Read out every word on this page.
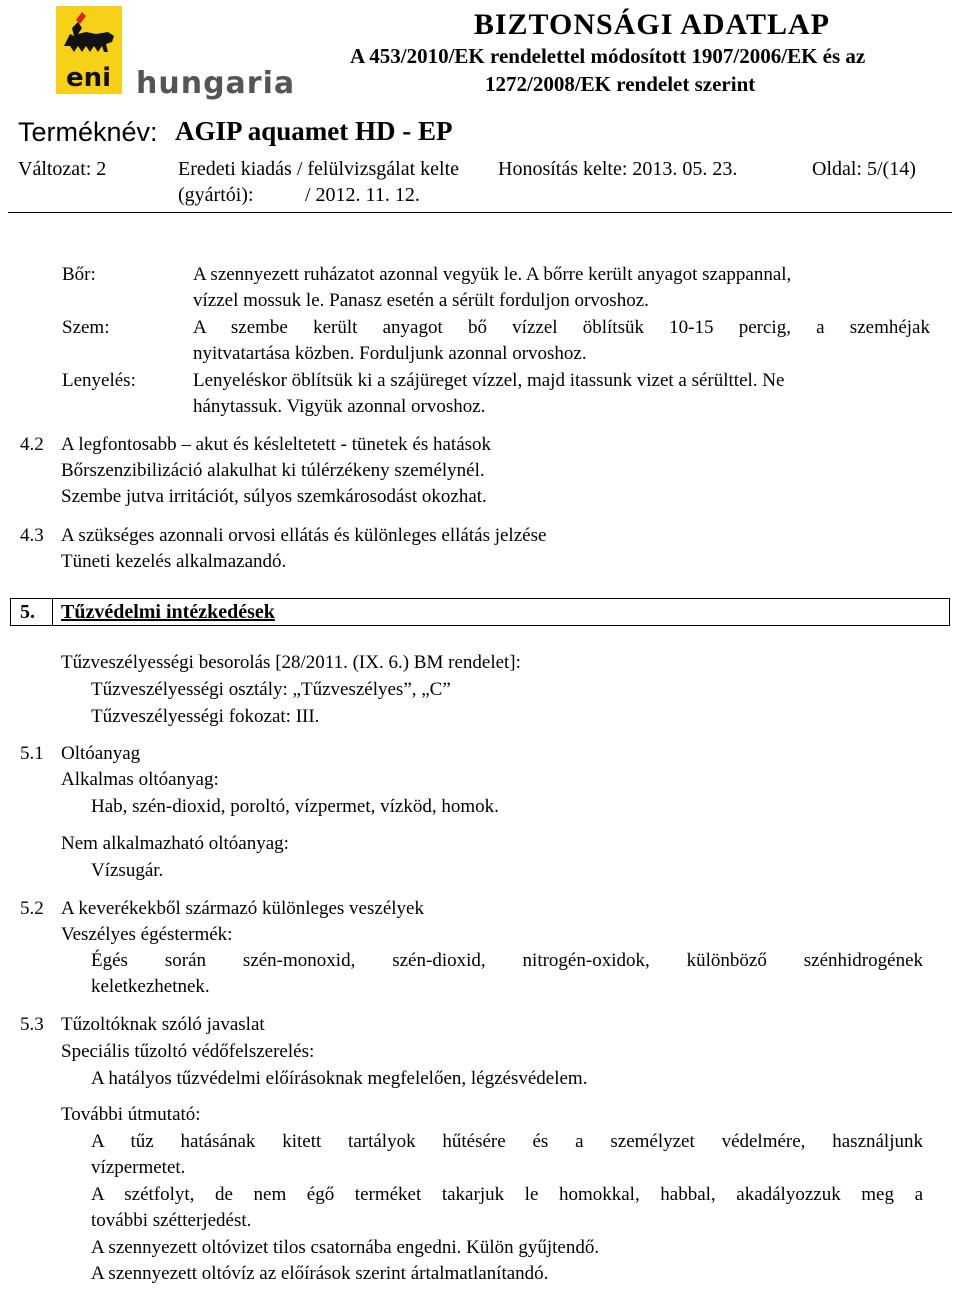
eni hungaria
BIZTONSÁGI ADATLAP
A 453/2010/EK rendelettel módosított 1907/2006/EK és az
1272/2008/EK rendelet szerint
Terméknév: AGIP aquamet HD - EP
Változat: 2	Eredeti kiadás / felülvizsgálat kelte
(gyártói):	/ 2012. 11. 12.
Honosítás kelte: 2013. 05. 23.	Oldal: 5/(14)
Bőr:	A szennyezett ruházatot azonnal vegyük le. A bőrre került anyagot szappannal,
vízzel mossuk le. Panasz esetén a sérült forduljon orvoshoz.
Szem:	A szembe került anyagot bő vízzel öblítsük 10-15 percig, a szemhéjak
nyitvatartása közben. Forduljunk azonnal orvoshoz.
Lenyelés:	Lenyeléskor öblítsük ki a szájüreget vízzel, majd itassunk vizet a sérülttel. Ne
hánytassuk. Vigyük azonnal orvoshoz.
4.2 A legfontosabb – akut és késleltetett - tünetek és hatások
Bőrszenzibilizáció alakulhat ki túlérzékeny személynél.
Szembe jutva irritációt, súlyos szemkárosodást okozhat.
4.3 A szükséges azonnali orvosi ellátás és különleges ellátás jelzése
Tüneti kezelés alkalmazandó.
5. Tűzvédelmi intézkedések
Tűzveszélyességi besorolás [28/2011. (IX. 6.) BM rendelet]:
Tűzveszélyességi osztály: „Tűzveszélyes”, „C”
Tűzveszélyességi fokozat: III.
5.1 Oltóanyag
Alkalmas oltóanyag:
Hab, szén-dioxid, poroltó, vízpermet, vízköd, homok.
Nem alkalmazható oltóanyag:
Vízsugár.
5.2 A keverékekből származó különleges veszélyek
Veszélyes égéstermék:
Égés során szén-monoxid, szén-dioxid, nitrogén-oxidok, különböző szénhidrogének
keletkezhetnek.
5.3 Tűzoltóknak szóló javaslat
Speciális tűzoltó védőfelszerelés:
A hatályos tűzvédelmi előírásoknak megfelelően, légzésvédelem.
További útmutató:
A tűz hatásának kitett tartályok hűtésére és a személyzet védelmére, használjunk
vízpermetet.
A szétfolyt, de nem égő terméket takarjuk le homokkal, habbal, akadályozzuk meg a
további szétterjedést.
A szennyezett oltóvizet tilos csatornába engedni. Külön gyűjtendő.
A szennyezett oltóvíz az előírások szerint ártalmatlanítandó.
